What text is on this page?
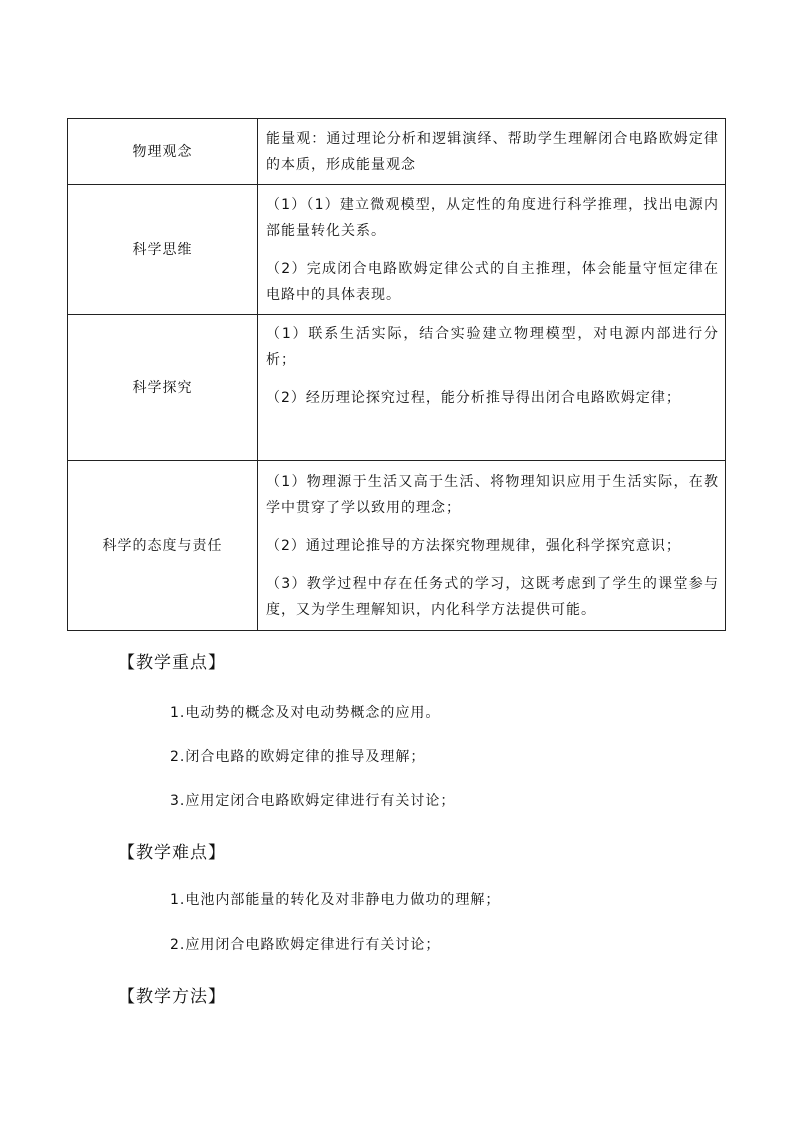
物理观念	能量观：通过理论分析和逻辑演绎、帮助学生理解闭合电路欧姆定律的本质，形成能量观念

科学思维	（1）（1）建立微观模型，从定性的角度进行科学推理，找出电源内部能量转化关系。

（2）完成闭合电路欧姆定律公式的自主推理，体会能量守恒定律在电路中的具体表现。

科学探究	（1）联系生活实际，结合实验建立物理模型，对电源内部进行分析；

（2）经历理论探究过程，能分析推导得出闭合电路欧姆定律；

科学的态度与责任	（1）物理源于生活又高于生活、将物理知识应用于生活实际，在教学中贯穿了学以致用的理念；

（2）通过理论推导的方法探究物理规律，强化科学探究意识；

（3）教学过程中存在任务式的学习，这既考虑到了学生的课堂参与度，又为学生理解知识，内化科学方法提供可能。

【教学重点】
1.电动势的概念及对电动势概念的应用。
2.闭合电路的欧姆定律的推导及理解；
3.应用定闭合电路欧姆定律进行有关讨论；
【教学难点】
1.电池内部能量的转化及对非静电力做功的理解；
2.应用闭合电路欧姆定律进行有关讨论；
【教学方法】
